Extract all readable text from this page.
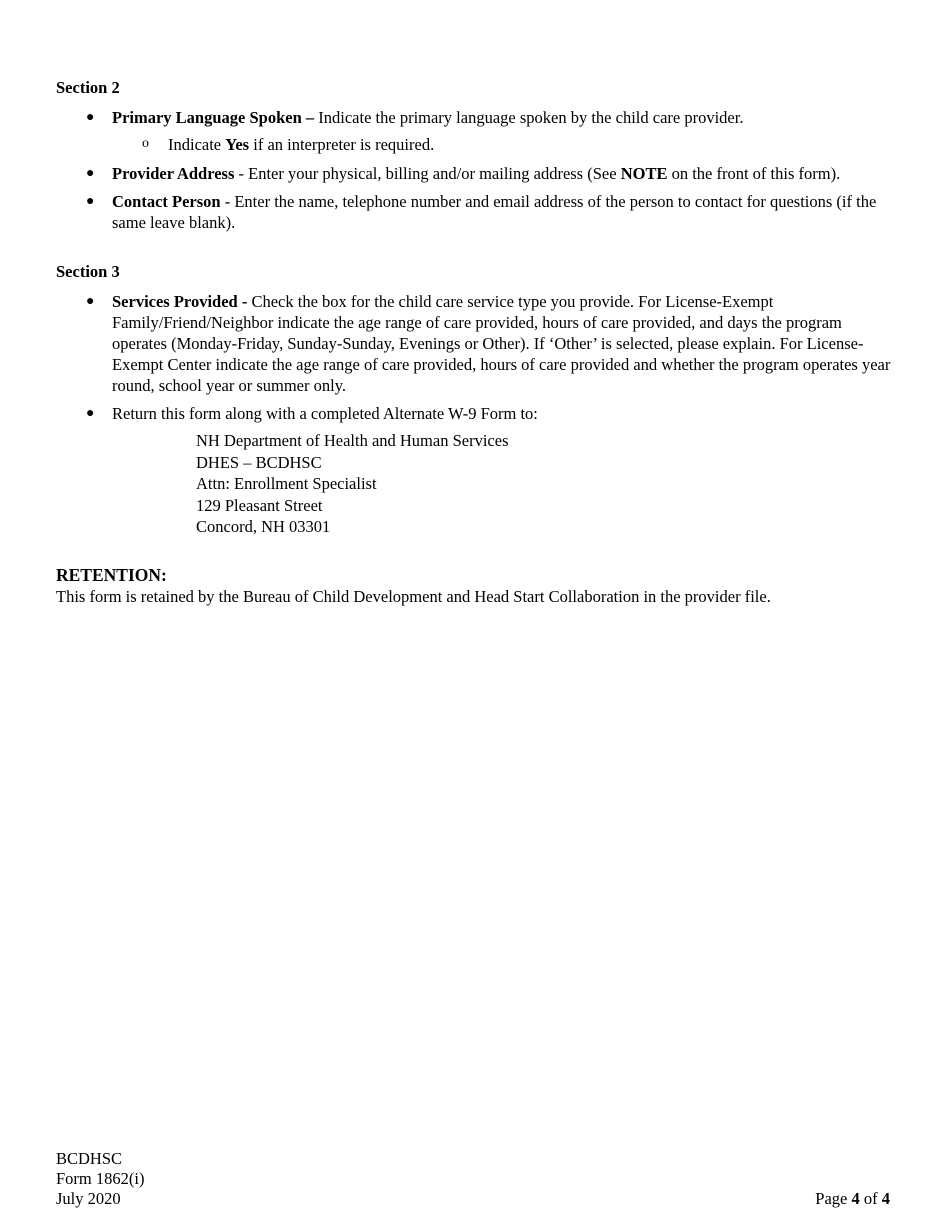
Section 2
● Primary Language Spoken – Indicate the primary language spoken by the child care provider.
o Indicate Yes if an interpreter is required.
● Provider Address - Enter your physical, billing and/or mailing address (See NOTE on the front of this form).
● Contact Person - Enter the name, telephone number and email address of the person to contact for questions (if the same leave blank).
Section 3
● Services Provided - Check the box for the child care service type you provide. For License-Exempt Family/Friend/Neighbor indicate the age range of care provided, hours of care provided, and days the program operates (Monday-Friday, Sunday-Sunday, Evenings or Other). If ‘Other’ is selected, please explain. For License-Exempt Center indicate the age range of care provided, hours of care provided and whether the program operates year round, school year or summer only.
● Return this form along with a completed Alternate W-9 Form to:
NH Department of Health and Human Services
DHES – BCDHSC
Attn: Enrollment Specialist
129 Pleasant Street
Concord, NH 03301
RETENTION:
This form is retained by the Bureau of Child Development and Head Start Collaboration in the provider file.
BCDHSC
Form 1862(i)
July 2020	Page 4 of 4
